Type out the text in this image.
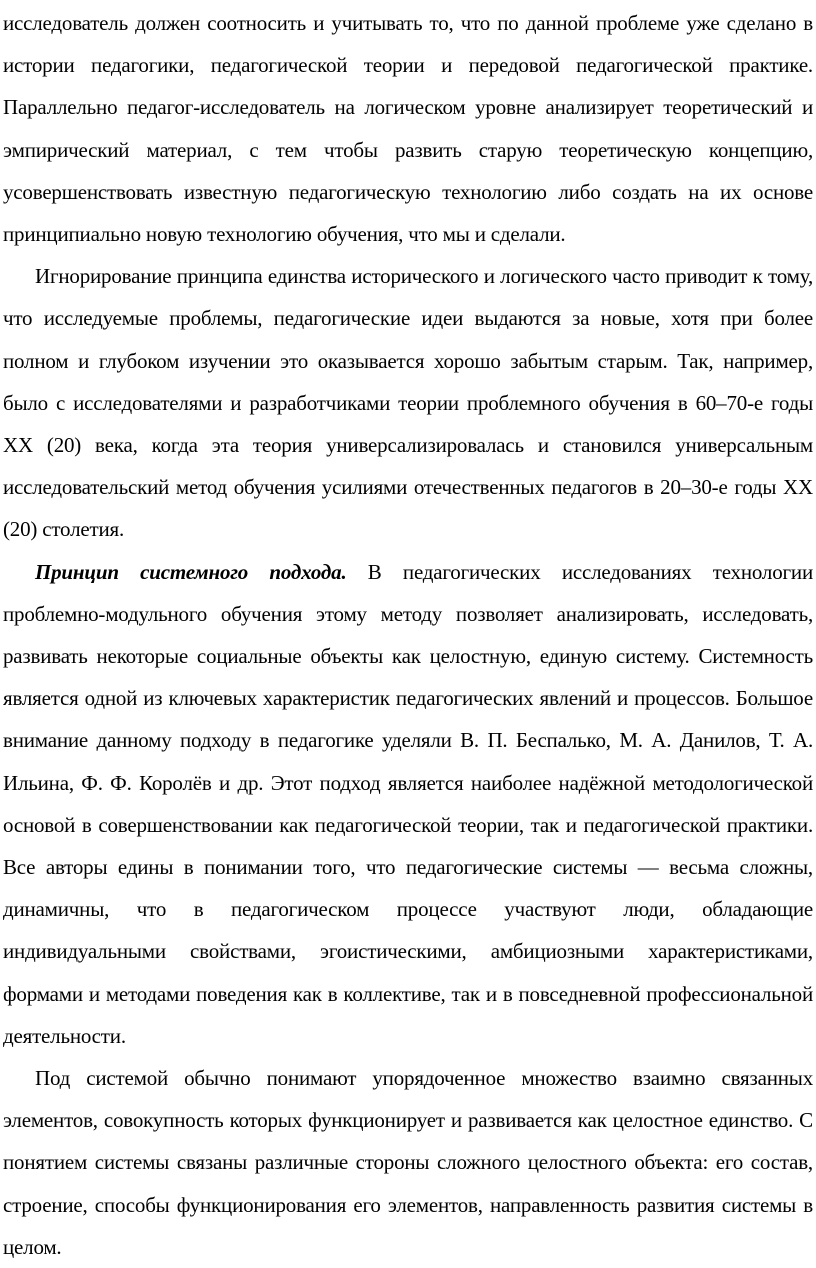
исследователь должен соотносить и учитывать то, что по данной проблеме уже сделано в истории педагогики, педагогической теории и передовой педагогической практике. Параллельно педагог-исследователь на логическом уровне анализирует теоретический и эмпирический материал, с тем чтобы развить старую теоретическую концепцию, усовершенствовать известную педагогическую технологию либо создать на их основе принципиально новую технологию обучения, что мы и сделали.

Игнорирование принципа единства исторического и логического часто приводит к тому, что исследуемые проблемы, педагогические идеи выдаются за новые, хотя при более полном и глубоком изучении это оказывается хорошо забытым старым. Так, например, было с исследователями и разработчиками теории проблемного обучения в 60–70-е годы XX (20) века, когда эта теория универсализировалась и становился универсальным исследовательский метод обучения усилиями отечественных педагогов в 20–30-е годы XX (20) столетия.

Принцип системного подхода. В педагогических исследованиях технологии проблемно-модульного обучения этому методу позволяет анализировать, исследовать, развивать некоторые социальные объекты как целостную, единую систему. Системность является одной из ключевых характеристик педагогических явлений и процессов. Большое внимание данному подходу в педагогике уделяли В. П. Беспалько, М. А. Данилов, Т. А. Ильина, Ф. Ф. Королёв и др. Этот подход является наиболее надёжной методологической основой в совершенствовании как педагогической теории, так и педагогической практики. Все авторы едины в понимании того, что педагогические системы — весьма сложны, динамичны, что в педагогическом процессе участвуют люди, обладающие индивидуальными свойствами, эгоистическими, амбициозными характеристиками, формами и методами поведения как в коллективе, так и в повседневной профессиональной деятельности.

Под системой обычно понимают упорядоченное множество взаимно связанных элементов, совокупность которых функционирует и развивается как целостное единство. С понятием системы связаны различные стороны сложного целостного объекта: его состав, строение, способы функционирования его элементов, направленность развития системы в целом.
